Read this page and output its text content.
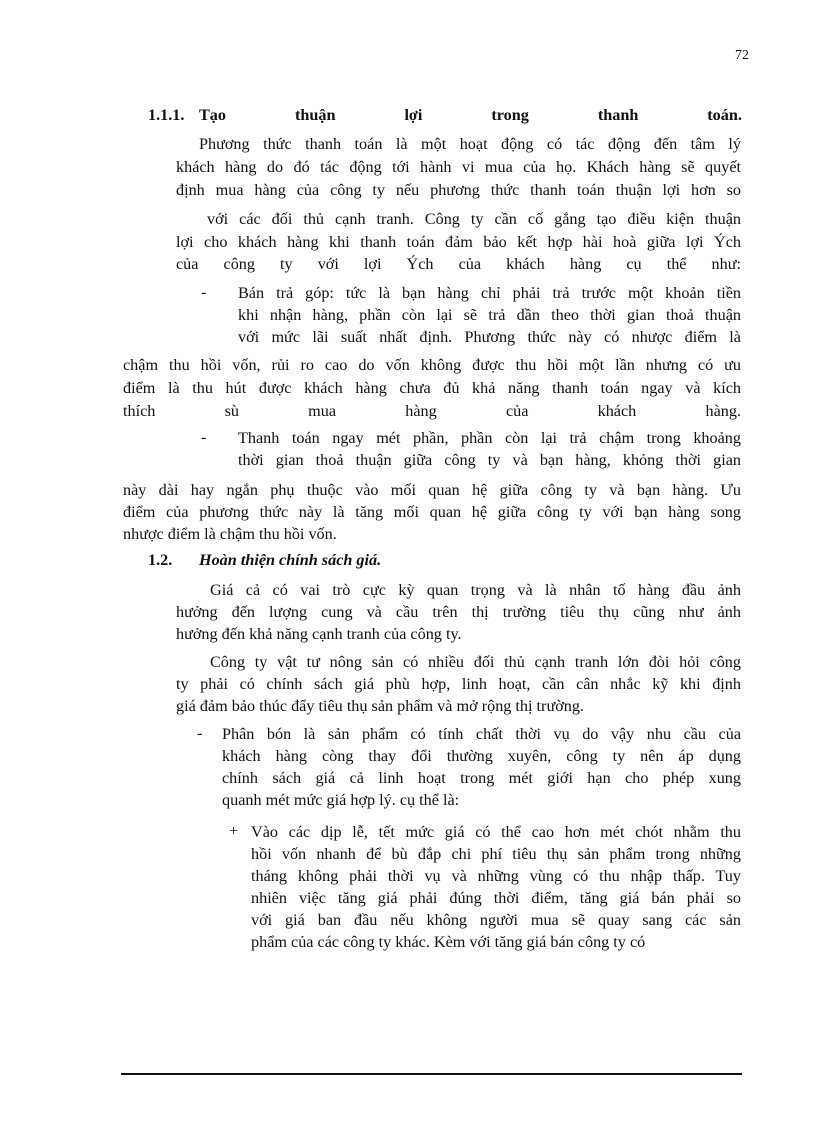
72
1.1.1. Tạo	thuận	lợi	trong	thanh	toán.
Phương thức thanh toán là một hoạt động có tác động đến tâm lý
khách hàng do đó tác động tới hành vi mua của họ. Khách hàng sẽ quyết
định mua hàng của công ty nếu phương thức thanh toán thuận lợi hơn so
với các đối thủ cạnh tranh. Công ty cần cố gắng tạo điều kiện thuận
lợi cho khách hàng khi thanh toán đảm bảo kết hợp hài hoà giữa lợi Ých
của công ty với lợi Ých của khách hàng cụ thể như:
- Bán trả góp: tức là bạn hàng chỉ phải trả trước một khoản tiền
khi nhận hàng, phần còn lại sẽ trả dần theo thời gian thoả thuận
với mức lãi suất nhất định. Phương thức này có nhược điểm là
chậm thu hồi vốn, rủi ro cao do vốn không được thu hồi một lần nhưng có ưu
điểm là thu hút được khách hàng chưa đủ khả năng thanh toán ngay và kích
thích sù mua hàng của khách hàng.
- Thanh toán ngay mét phần, phần còn lại trả chậm trong khoảng
thời gian thoả thuận giữa công ty và bạn hàng, khỏng thời gian
này dài hay ngắn phụ thuộc vào mối quan hệ giữa công ty và bạn hàng. Ưu
điểm của phương thức này là tăng mối quan hệ giữa công ty với bạn hàng song
nhược điểm là chậm thu hồi vốn.
1.2. Hoàn thiện chính sách giá.
Giá cả có vai trò cực kỳ quan trọng và là nhân tố hàng đầu ảnh
hưởng đến lượng cung và cầu trên thị trường tiêu thụ cũng như ảnh
hưởng đến khả năng cạnh tranh của công ty.
Công ty vật tư nông sản có nhiều đối thủ cạnh tranh lớn đòi hỏi công
ty phải có chính sách giá phù hợp, linh hoạt, cần cân nhắc kỹ khi định
giá đảm bảo thúc đẩy tiêu thụ sản phẩm và mở rộng thị trường.
- Phân bón là sản phẩm có tính chất thời vụ do vậy nhu cầu của
khách hàng còng thay đổi thường xuyên, công ty nên áp dụng
chính sách giá cả linh hoạt trong mét giới hạn cho phép xung
quanh mét mức giá hợp lý. cụ thể là:
+ Vào các dịp lễ, tết mức giá có thể cao hơn mét chót nhằm thu
hồi vốn nhanh để bù đắp chi phí tiêu thụ sản phẩm trong những
tháng không phải thời vụ và những vùng có thu nhập thấp. Tuy
nhiên việc tăng giá phải đúng thời điểm, tăng giá bán phải so
với giá ban đầu nếu không người mua sẽ quay sang các sản
phẩm của các công ty khác. Kèm với tăng giá bán công ty có
